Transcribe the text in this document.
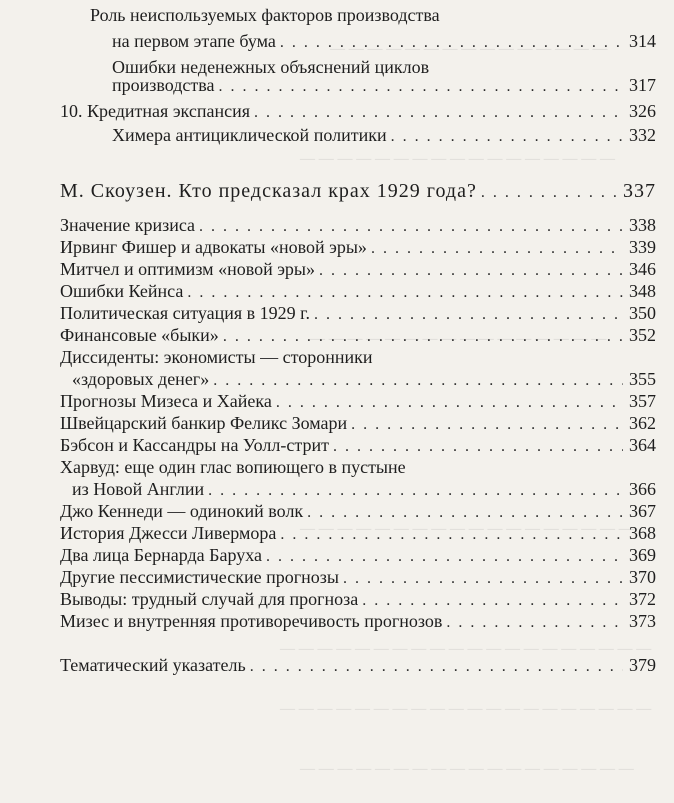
— — — — — — — — — — — — — — —
— — — — — — — — — — — — — — — — —
— — — — — — — — — — — — — — — —
— — — — — — — — — — — — — — — — — —
— — — — — — — — — — — — — — — — — — — —
— — — — — — — — — — — — — — — — — — — —
— — — — — — — — — — — — — — — — — —
Роль неиспользуемых факторов производства
на первом этапе бума . . .	314
Ошибки неденежных объяснений циклов
производства . . .	317
10. Кредитная экспансия . . .	326
Химера антициклической политики . . .	332
М. Скоузен. Кто предсказал крах 1929 года? . . .	337
Значение кризиса . . .	338
Ирвинг Фишер и адвокаты «новой эры» . . .	339
Митчел и оптимизм «новой эры» . . .	346
Ошибки Кейнса . . .	348
Политическая ситуация в 1929 г. . . .	350
Финансовые «быки» . . .	352
Диссиденты: экономисты — сторонники
«здоровых денег» . . .	355
Прогнозы Мизеса и Хайека . . .	357
Швейцарский банкир Феликс Зомари . . .	362
Бэбсон и Кассандры на Уолл-стрит . . .	364
Харвуд: еще один глас вопиющего в пустыне
из Новой Англии . . .	366
Джо Кеннеди — одинокий волк . . .	367
История Джесси Ливермора . . .	368
Два лица Бернарда Баруха . . .	369
Другие пессимистические прогнозы . . .	370
Выводы: трудный случай для прогноза . . .	372
Мизес и внутренняя противоречивость прогнозов . . .	373
Тематический указатель . . .	379
